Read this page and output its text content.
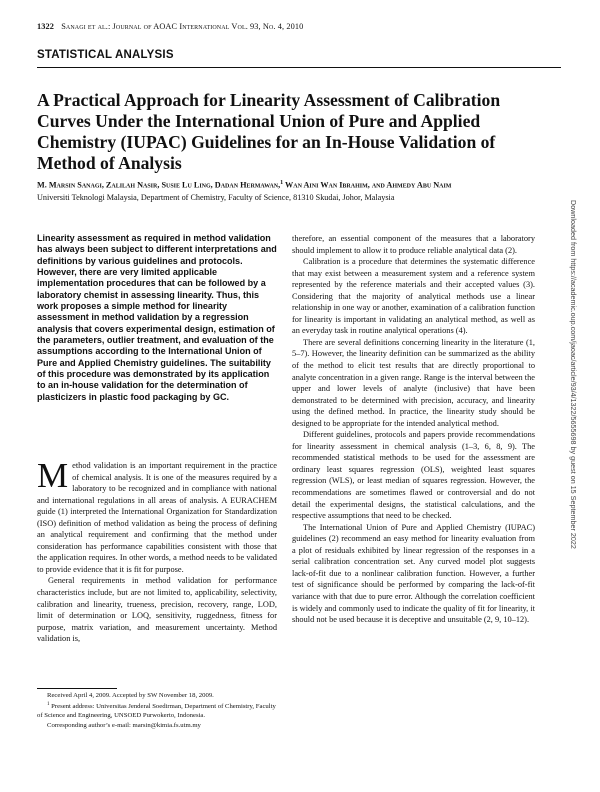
1322 Sanagi et al.: Journal of AOAC International Vol. 93, No. 4, 2010
STATISTICAL ANALYSIS
A Practical Approach for Linearity Assessment of Calibration Curves Under the International Union of Pure and Applied Chemistry (IUPAC) Guidelines for an In-House Validation of Method of Analysis
M. Marsin Sanagi, Zalilah Nasir, Susie Lu Ling, Dadan Hermawan,$^1$ Wan Aini Wan Ibrahim, and Ahmedy Abu Naim
Universiti Teknologi Malaysia, Department of Chemistry, Faculty of Science, 81310 Skudai, Johor, Malaysia

Linearity assessment as required in method validation has always been subject to different interpretations and definitions by various guidelines and protocols. However, there are very limited applicable implementation procedures that can be followed by a laboratory chemist in assessing linearity. Thus, this work proposes a simple method for linearity assessment in method validation by a regression analysis that covers experimental design, estimation of the parameters, outlier treatment, and evaluation of the assumptions according to the International Union of Pure and Applied Chemistry guidelines. The suitability of this procedure was demonstrated by its application to an in-house validation for the determination of plasticizers in plastic food packaging by GC.

Method validation is an important requirement in the practice of chemical analysis. It is one of the measures required by a laboratory to be recognized and in compliance with national and international regulations in all areas of analysis. A EURACHEM guide (1) interpreted the International Organization for Standardization (ISO) definition of method validation as being the process of defining an analytical requirement and confirming that the method under consideration has performance capabilities consistent with those that the application requires. In other words, a method needs to be validated to provide evidence that it is fit for purpose.

General requirements in method validation for performance characteristics include, but are not limited to, applicability, selectivity, calibration and linearity, trueness, precision, recovery, range, LOD, limit of determination or LOQ, sensitivity, ruggedness, fitness for purpose, matrix variation, and measurement uncertainty. Method validation is,

therefore, an essential component of the measures that a laboratory should implement to allow it to produce reliable analytical data (2).

Calibration is a procedure that determines the systematic difference that may exist between a measurement system and a reference system represented by the reference materials and their accepted values (3). Considering that the majority of analytical methods use a linear relationship in one way or another, examination of a calibration function for linearity is important in validating an analytical method, as well as an everyday task in routine analytical operations (4).

There are several definitions concerning linearity in the literature (1, 5–7). However, the linearity definition can be summarized as the ability of the method to elicit test results that are directly proportional to analyte concentration in a given range. Range is the interval between the upper and lower levels of analyte (inclusive) that have been demonstrated to be determined with precision, accuracy, and linearity using the defined method. In practice, the linearity study should be designed to be appropriate for the intended analytical method.

Different guidelines, protocols and papers provide recommendations for linearity assessment in chemical analysis (1–3, 6, 8, 9). The recommended statistical methods to be used for the assessment are ordinary least squares regression (OLS), weighted least squares regression (WLS), or least median of squares regression. However, the recommendations are sometimes flawed or controversial and do not detail the experimental designs, the statistical calculations, and the respective assumptions that need to be checked.

The International Union of Pure and Applied Chemistry (IUPAC) guidelines (2) recommend an easy method for linearity evaluation from a plot of residuals exhibited by linear regression of the responses in a serial calibration concentration set. Any curved model plot suggests lack-of-fit due to a nonlinear calibration function. However, a further test of significance should be performed by comparing the lack-of-fit variance with that due to pure error. Although the correlation coefficient is widely and commonly used to indicate the quality of fit for linearity, it should not be used because it is deceptive and unsuitable (2, 9, 10–12).

Received April 4, 2009. Accepted by SW November 18, 2009.
$^1$ Present address: Universitas Jenderal Soedirman, Department of Chemistry, Faculty of Science and Engineering, UNSOED Purwokerto, Indonesia.
Corresponding author’s e-mail: marsin@kimia.fs.utm.my
Downloaded from https://academic.oup.com/jaoac/article/93/4/1322/5655698 by guest on 15 September 2022
